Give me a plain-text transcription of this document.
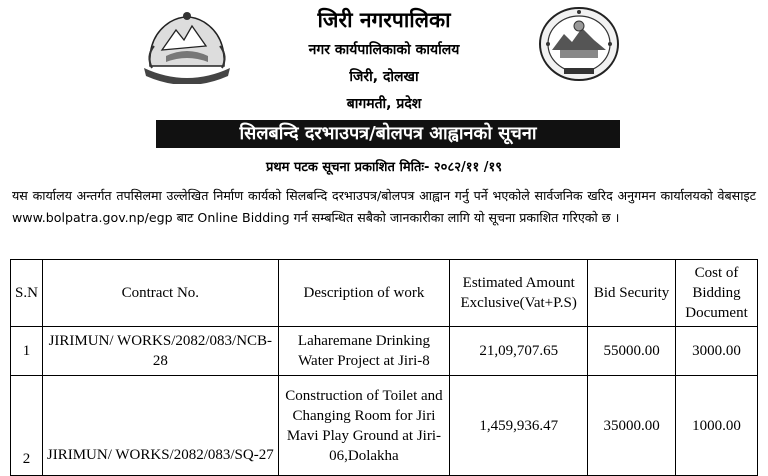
जिरी नगरपालिका
नगर कार्यपालिकाको कार्यालय
जिरी, दोलखा
बागमती, प्रदेश
सिलबन्दि दरभाउपत्र/बोलपत्र आह्वानको सूचना
प्रथम पटक सूचना प्रकाशित मितिः- २०८२/११ /१९
यस कार्यालय अन्तर्गत तपसिलमा उल्लेखित निर्माण कार्यको सिलबन्दि दरभाउपत्र/बोलपत्र आह्वान गर्नु पर्ने भएकोले सार्वजनिक खरिद अनुगमन कार्यालयको वेबसाइट www.bolpatra.gov.np/egp बाट Online Bidding गर्न सम्बन्धित सबैको जानकारीका लागि यो सूचना प्रकाशित गरिएको छ ।
S.N	Contract No.	Description of work	Estimated Amount Exclusive(Vat+P.S)	Bid Security	Cost of Bidding Document
1	JIRIMUN/ WORKS/2082/083/NCB-28	Laharemane Drinking Water Project at Jiri-8	21,09,707.65	55000.00	3000.00
2	JIRIMUN/ WORKS/2082/083/SQ-27	Construction of Toilet and Changing Room for Jiri Mavi Play Ground at Jiri-06,Dolakha	1,459,936.47	35000.00	1000.00
